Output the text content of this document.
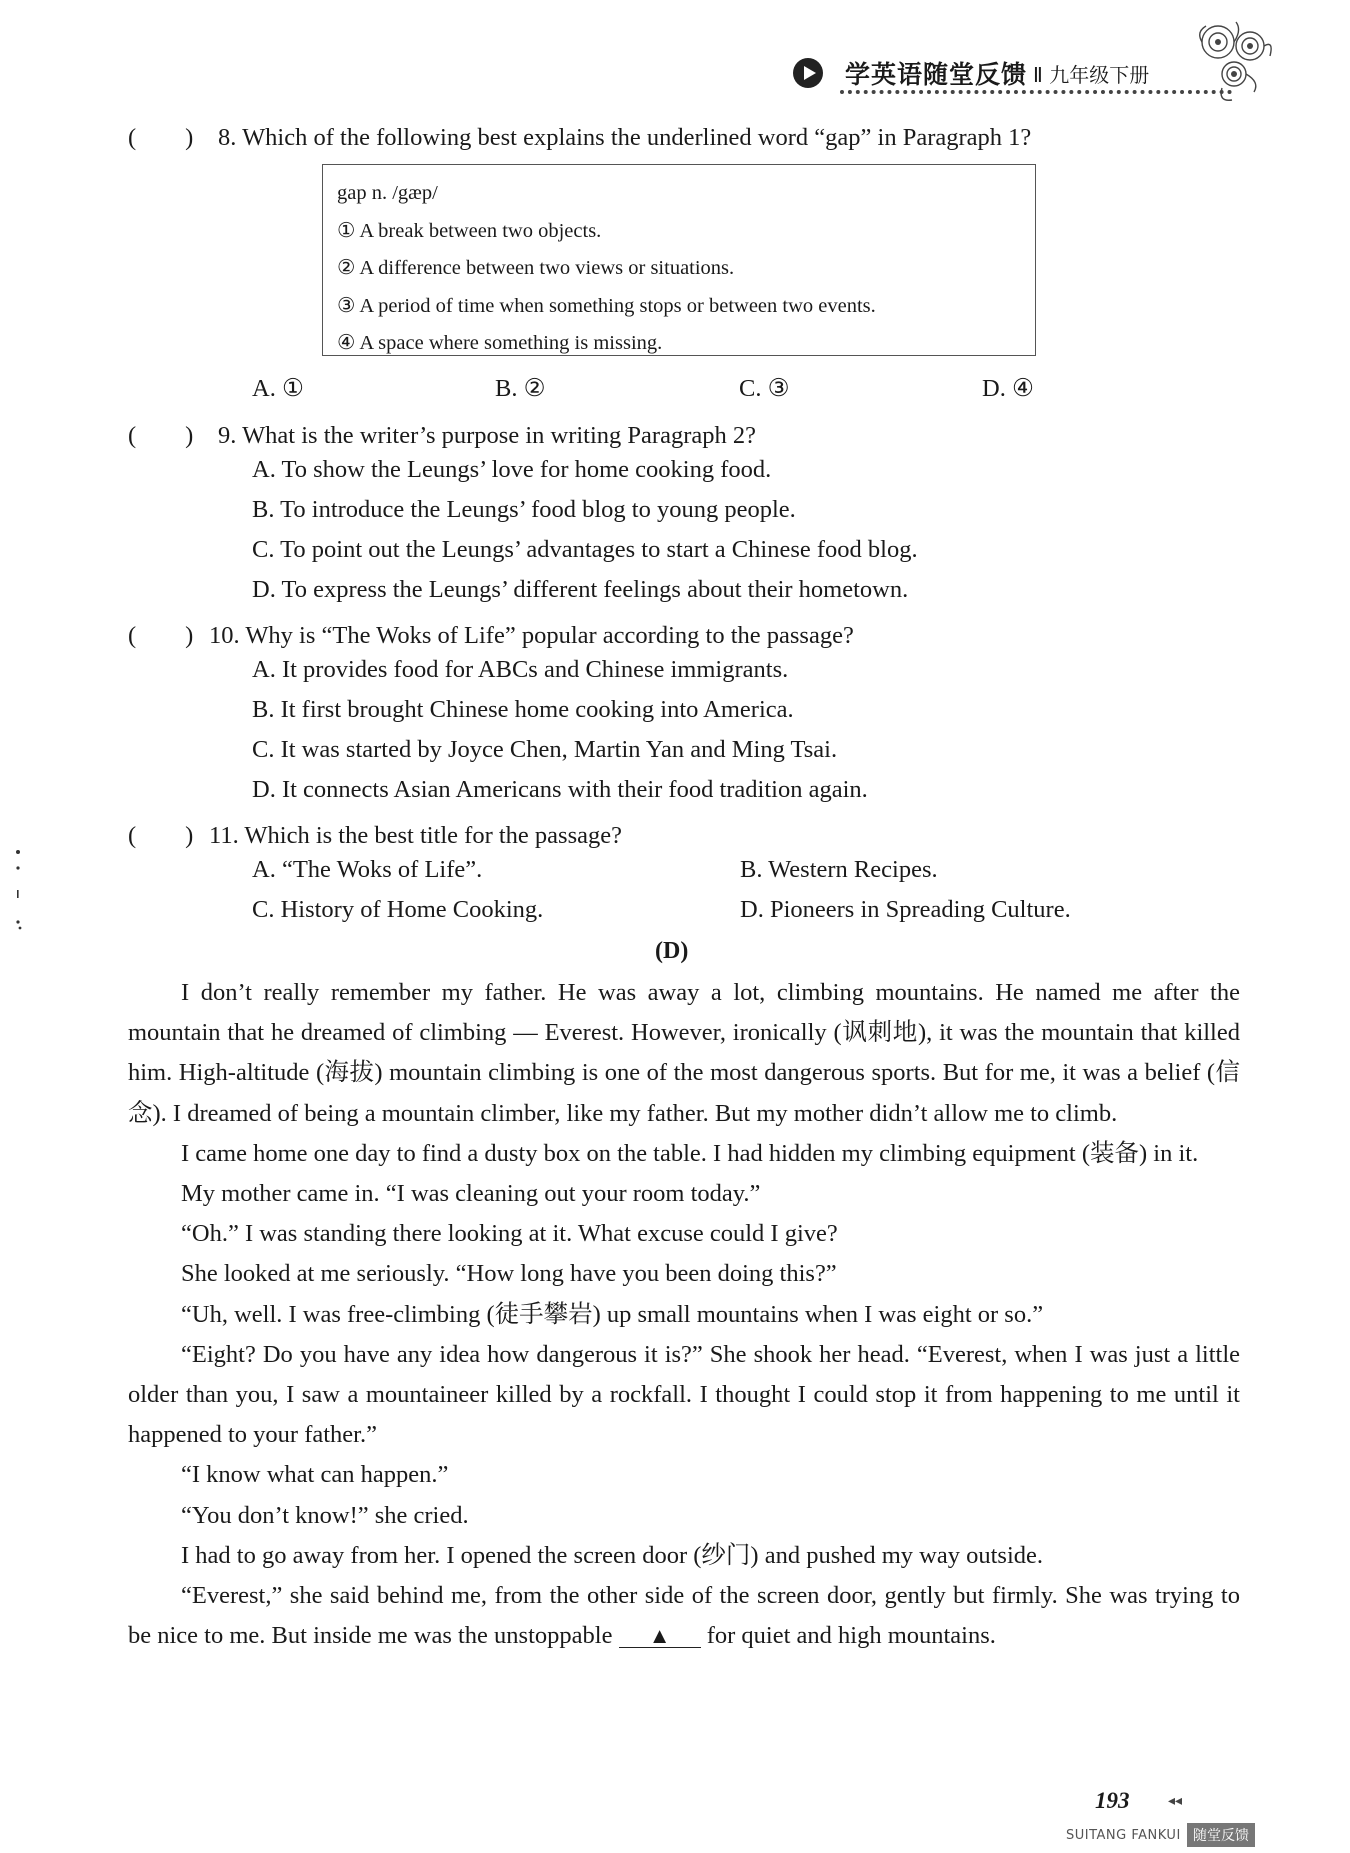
学英语随堂反馈 Ⅱ 九年级下册
(　　) 8. Which of the following best explains the underlined word “gap” in Paragraph 1?
gap n. /gæp/
① A break between two objects.
② A difference between two views or situations.
③ A period of time when something stops or between two events.
④ A space where something is missing.
A. ①	B. ②	C. ③	D. ④
(　　) 9. What is the writer’s purpose in writing Paragraph 2?
A. To show the Leungs’ love for home cooking food.
B. To introduce the Leungs’ food blog to young people.
C. To point out the Leungs’ advantages to start a Chinese food blog.
D. To express the Leungs’ different feelings about their hometown.
(　　) 10. Why is “The Woks of Life” popular according to the passage?
A. It provides food for ABCs and Chinese immigrants.
B. It first brought Chinese home cooking into America.
C. It was started by Joyce Chen, Martin Yan and Ming Tsai.
D. It connects Asian Americans with their food tradition again.
(　　) 11. Which is the best title for the passage?
A. “The Woks of Life”.	B. Western Recipes.
C. History of Home Cooking.	D. Pioneers in Spreading Culture.
(D)

I don’t really remember my father. He was away a lot, climbing mountains. He named me after the mountain that he dreamed of climbing — Everest. However, ironically (讽刺地), it was the mountain that killed him. High-altitude (海拔) mountain climbing is one of the most dangerous sports. But for me, it was a belief (信念). I dreamed of being a mountain climber, like my father. But my mother didn’t allow me to climb.

I came home one day to find a dusty box on the table. I had hidden my climbing equipment (装备) in it.

My mother came in. “I was cleaning out your room today.”

“Oh.” I was standing there looking at it. What excuse could I give?

She looked at me seriously. “How long have you been doing this?”

“Uh, well. I was free-climbing (徒手攀岩) up small mountains when I was eight or so.”

“Eight? Do you have any idea how dangerous it is?” She shook her head. “Everest, when I was just a little older than you, I saw a mountaineer killed by a rockfall. I thought I could stop it from happening to me until it happened to your father.”

“I know what can happen.”

“You don’t know!” she cried.

I had to go away from her. I opened the screen door (纱门) and pushed my way outside.

“Everest,” she said behind me, from the other side of the screen door, gently but firmly. She was trying to be nice to me. But inside me was the unstoppable ▲ for quiet and high mountains.

193	◂◂
SUITANG FANKUI 随堂反馈
